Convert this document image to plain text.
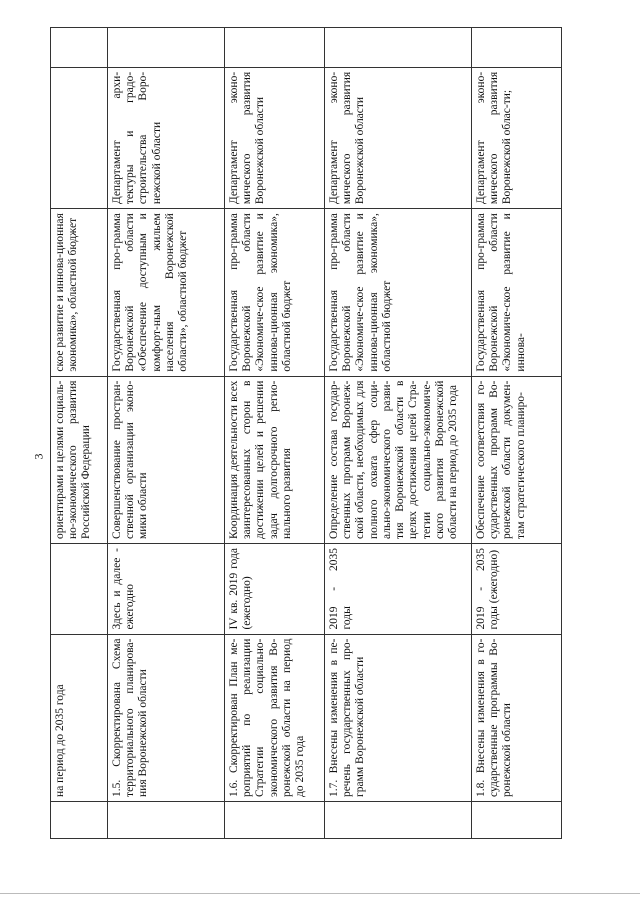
3
	на период до 2035 года		ориентирами и целями социаль-но-экономического развития Российской Федерации	ское развитие и иннова-ционная экономика», областной бюджет		
	1.5. Скорректирована Схема территориального планирова-ния Воронежской области	Здесь и далее - ежегодно	Совершенствование простран-ственной организации эконо-мики области	Государственная про-грамма Воронежской области «Обеспечение доступным и комфорт-ным жильем населения Воронежской области», областной бюджет	Департамент архи-тектуры и градо-строительства Воро-нежской области	
	1.6. Скорректирован План ме-роприятий по реализации Стратегии социально-экономического развития Во-ронежской области на период до 2035 года	IV кв. 2019 года (ежегодно)	Координация деятельности всех заинтересованных сторон в достижении целей и решении задач долгосрочного регио-нального развития	Государственная про-грамма Воронежской области «Экономиче-ское развитие и иннова-ционная экономика», областной бюджет	Департамент эконо-мического развития Воронежской области	
	1.7. Внесены изменения в пе-речень государственных про-грамм Воронежской области	2019 - 2035 годы	Определение состава государ-ственных программ Воронеж-ской области, необходимых для полного охвата сфер соци-ально-экономического разви-тия Воронежской области в целях достижения целей Стра-тегии социально-экономиче-ского развития Воронежской области на период до 2035 года	Государственная про-грамма Воронежской области «Экономиче-ское развитие и иннова-ционная экономика», областной бюджет	Департамент эконо-мического развития Воронежской области	
	1.8. Внесены изменения в го-сударственные программы Во-ронежской области	2019 - 2035 годы (ежегодно)	Обеспечение соответствия го-сударственных программ Во-ронежской области докумен-там стратегического планиро-	Государственная про-грамма Воронежской области «Экономиче-ское развитие и иннова-	Департамент эконо-мического развития Воронежской облас-ти;	
